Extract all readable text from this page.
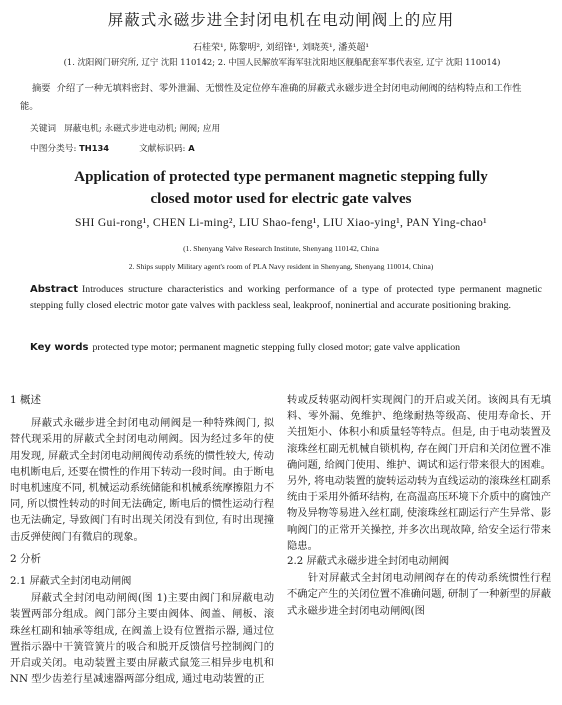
屏蔽式永磁步进全封闭电机在电动闸阀上的应用
石桂荣¹, 陈黎明², 刘绍锋¹, 刘晓英¹, 潘英超¹
(1. 沈阳阀门研究所, 辽宁 沈阳 110142; 2. 中国人民解放军海军驻沈阳地区舰船配套军事代表室, 辽宁 沈阳 110014)
摘要 介绍了一种无填料密封、零外泄漏、无惯性及定位停车准确的屏蔽式永磁步进全封闭电动闸阀的结构特点和工作性能。
关键词 屏蔽电机; 永磁式步进电动机; 闸阀; 应用
中图分类号: TH134	文献标识码: A
Application of protected type permanent magnetic stepping fully
closed motor used for electric gate valves
SHI Gui-rong¹, CHEN Li-ming², LIU Shao-feng¹, LIU Xiao-ying¹, PAN Ying-chao¹
(1. Shenyang Valve Research Institute, Shenyang 110142, China
2. Ships supply Military agent's room of PLA Navy resident in Shenyang, Shenyang 110014, China)
Abstract Introduces structure characteristics and working performance of a type of protected type permanent magnetic stepping fully closed electric motor gate valves with packless seal, leakproof, noninertial and accurate positioning braking.
Key words protected type motor; permanent magnetic stepping fully closed motor; gate valve application
1 概述

屏蔽式永磁步进全封闭电动闸阀是一种特殊阀门, 拟替代现采用的屏蔽式全封闭电动闸阀。因为经过多年的使用发现, 屏蔽式全封闭电动闸阀传动系统的惯性较大, 传动电机断电后, 还要在惯性的作用下转动一段时间。由于断电时电机速度不同, 机械运动系统储能和机械系统摩擦阻力不同, 所以惯性转动的时间无法确定, 断电后的惯性运动行程也无法确定, 导致阀门有时出现关闭没有到位, 有时出现撞击反弹使阀门有微启的现象。

2 分析
2.1 屏蔽式全封闭电动闸阀

屏蔽式全封闭电动闸阀(图 1)主要由阀门和屏蔽电动装置两部分组成。阀门部分主要由阀体、阀盖、闸板、滚珠丝杠副和轴承等组成, 在阀盖上设有位置指示器, 通过位置指示器中干簧管簧片的吸合和脱开反馈信号控制阀门的开启或关闭。电动装置主要由屏蔽式鼠笼三相异步电机和 NN 型少齿差行星减速器两部分组成, 通过电动装置的正

转或反转驱动阀杆实现阀门的开启或关闭。该阀具有无填料、零外漏、免维护、绝缘耐热等级高、使用寿命长、开关扭矩小、体积小和质量轻等特点。但是, 由于电动装置及滚珠丝杠副无机械自锁机构, 存在阀门开启和关闭位置不准确问题, 给阀门使用、维护、调试和运行带来很大的困难。另外, 将电动装置的旋转运动转为直线运动的滚珠丝杠副系统由于采用外循环结构, 在高温高压环境下介质中的腐蚀产物及异物等易进入丝杠副, 使滚珠丝杠副运行产生异常、影响阀门的正常开关操控, 并多次出现故障, 给安全运行带来隐患。

2.2 屏蔽式永磁步进全封闭电动闸阀

针对屏蔽式全封闭电动闸阀存在的传动系统惯性行程不确定产生的关闭位置不准确问题, 研制了一种新型的屏蔽式永磁步进全封闭电动闸阀(图
